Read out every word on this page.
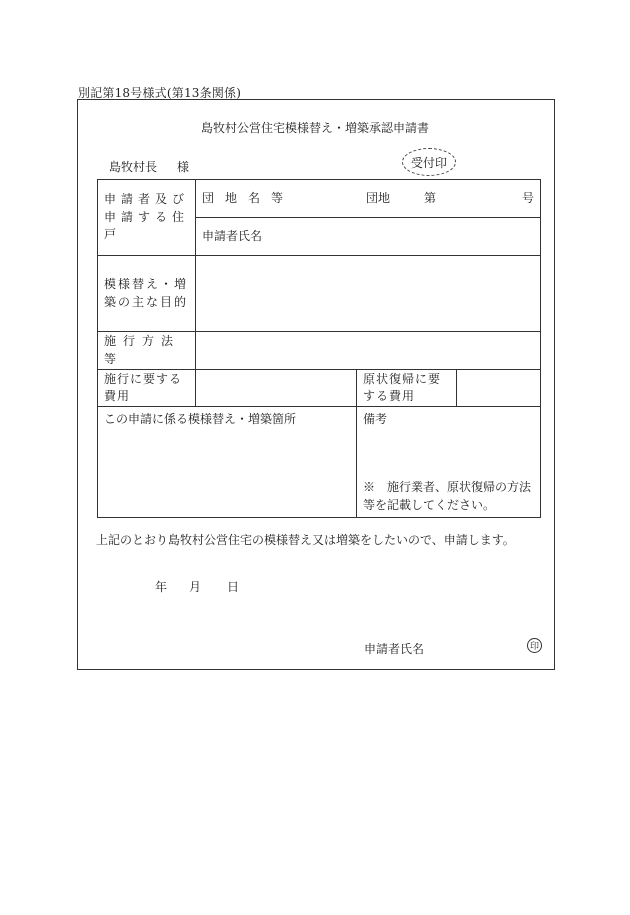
別記第18号様式(第13条関係)
島牧村公営住宅模様替え・増築承認申請書
島牧村長 様	受付印
申請者及び申請する住戸	団地名等 団地 第 号		

	申請者氏名		
模様替え・増築の主な目的			
施行方法等			
施行に要する費用		原状復帰に要する費用	
この申請に係る模様替え・増築箇所		備考
※　施行業者、原状復帰の方法等を記載してください。	
上記のとおり島牧村公営住宅の模様替え又は増築をしたいので、申請します。
年 月 日
申請者氏名	印
